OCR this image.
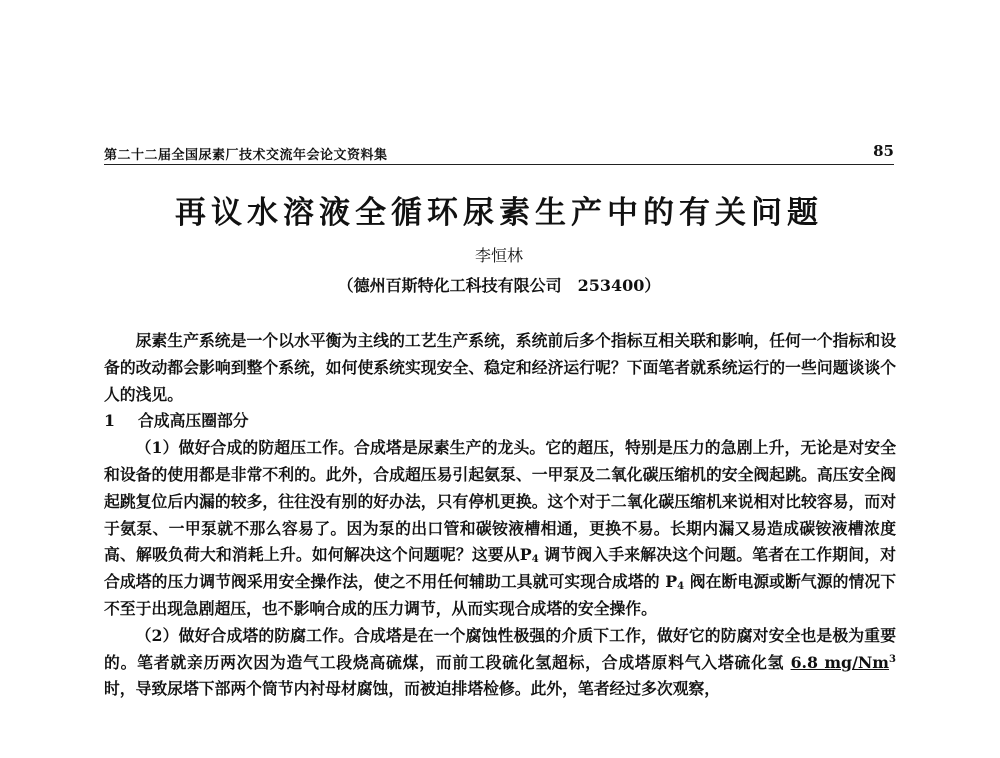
第二十二届全国尿素厂技术交流年会论文资料集	85
再议水溶液全循环尿素生产中的有关问题
李恒林
（德州百斯特化工科技有限公司　253400）

尿素生产系统是一个以水平衡为主线的工艺生产系统，系统前后多个指标互相关联和影响，任何一个指标和设备的改动都会影响到整个系统，如何使系统实现安全、稳定和经济运行呢？下面笔者就系统运行的一些问题谈谈个人的浅见。

1 合成高压圈部分

（1）做好合成的防超压工作。合成塔是尿素生产的龙头。它的超压，特别是压力的急剧上升，无论是对安全和设备的使用都是非常不利的。此外，合成超压易引起氨泵、一甲泵及二氧化碳压缩机的安全阀起跳。高压安全阀起跳复位后内漏的较多，往往没有别的好办法，只有停机更换。这个对于二氧化碳压缩机来说相对比较容易，而对于氨泵、一甲泵就不那么容易了。因为泵的出口管和碳铵液槽相通，更换不易。长期内漏又易造成碳铵液槽浓度高、解吸负荷大和消耗上升。如何解决这个问题呢？这要从$P_4$ 调节阀入手来解决这个问题。笔者在工作期间，对合成塔的压力调节阀采用安全操作法，使之不用任何辅助工具就可实现合成塔的 $P_4$ 阀在断电源或断气源的情况下不至于出现急剧超压，也不影响合成的压力调节，从而实现合成塔的安全操作。

（2）做好合成塔的防腐工作。合成塔是在一个腐蚀性极强的介质下工作，做好它的防腐对安全也是极为重要的。笔者就亲历两次因为造气工段烧高硫煤，而前工段硫化氢超标，合成塔原料气入塔硫化氢 6.8 mg/Nm$^3$ 时，导致尿塔下部两个筒节内衬母材腐蚀，而被迫排塔检修。此外，笔者经过多次观察，
